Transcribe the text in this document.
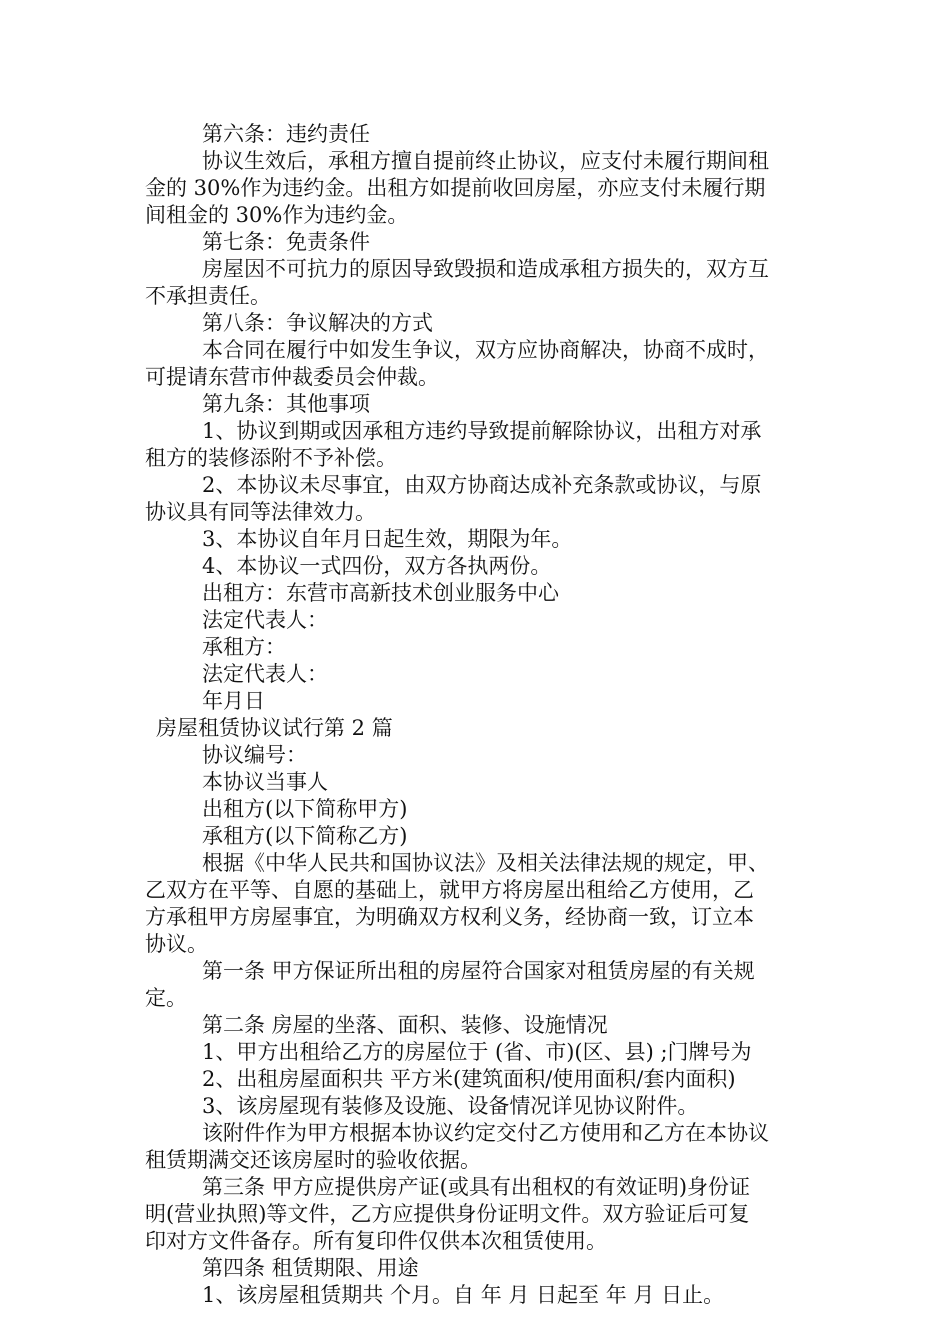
第六条：违约责任
协议生效后，承租方擅自提前终止协议，应支付未履行期间租
金的 30%作为违约金。出租方如提前收回房屋，亦应支付未履行期
间租金的 30%作为违约金。
第七条：免责条件
房屋因不可抗力的原因导致毁损和造成承租方损失的，双方互
不承担责任。
第八条：争议解决的方式
本合同在履行中如发生争议，双方应协商解决，协商不成时，
可提请东营市仲裁委员会仲裁。
第九条：其他事项
1、协议到期或因承租方违约导致提前解除协议，出租方对承
租方的装修添附不予补偿。
2、本协议未尽事宜，由双方协商达成补充条款或协议，与原
协议具有同等法律效力。
3、本协议自年月日起生效，期限为年。
4、本协议一式四份，双方各执两份。
出租方：东营市高新技术创业服务中心
法定代表人：
承租方：
法定代表人：
年月日
房屋租赁协议试行第 2 篇
协议编号：
本协议当事人
出租方(以下简称甲方)
承租方(以下简称乙方)
根据《中华人民共和国协议法》及相关法律法规的规定，甲、
乙双方在平等、自愿的基础上，就甲方将房屋出租给乙方使用，乙
方承租甲方房屋事宜，为明确双方权利义务，经协商一致，订立本
协议。
第一条 甲方保证所出租的房屋符合国家对租赁房屋的有关规
定。
第二条 房屋的坐落、面积、装修、设施情况
1、甲方出租给乙方的房屋位于 (省、市)(区、县) ;门牌号为
2、出租房屋面积共 平方米(建筑面积/使用面积/套内面积)
3、该房屋现有装修及设施、设备情况详见协议附件。
该附件作为甲方根据本协议约定交付乙方使用和乙方在本协议
租赁期满交还该房屋时的验收依据。
第三条 甲方应提供房产证(或具有出租权的有效证明)身份证
明(营业执照)等文件，乙方应提供身份证明文件。双方验证后可复
印对方文件备存。所有复印件仅供本次租赁使用。
第四条 租赁期限、用途
1、该房屋租赁期共 个月。自 年 月 日起至 年 月 日止。
